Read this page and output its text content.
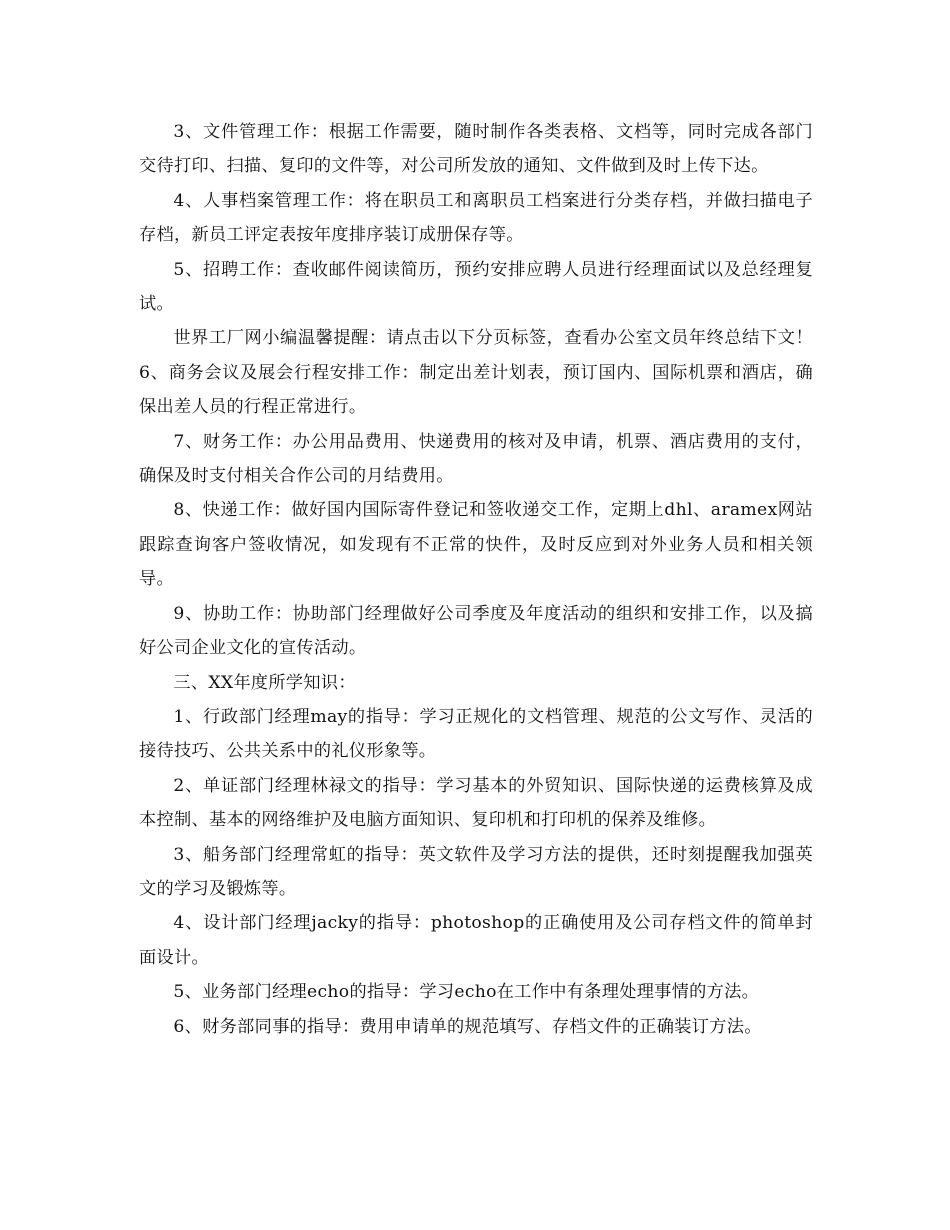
3、文件管理工作：根据工作需要，随时制作各类表格、文档等，同时完成各部门交待打印、扫描、复印的文件等，对公司所发放的通知、文件做到及时上传下达。

4、人事档案管理工作：将在职员工和离职员工档案进行分类存档，并做扫描电子存档，新员工评定表按年度排序装订成册保存等。

5、招聘工作：查收邮件阅读简历，预约安排应聘人员进行经理面试以及总经理复试。

世界工厂网小编温馨提醒：请点击以下分页标签，查看办公室文员年终总结下文！　6、商务会议及展会行程安排工作：制定出差计划表，预订国内、国际机票和酒店，确保出差人员的行程正常进行。

7、财务工作：办公用品费用、快递费用的核对及申请，机票、酒店费用的支付，确保及时支付相关合作公司的月结费用。

8、快递工作：做好国内国际寄件登记和签收递交工作，定期上dhl、aramex网站跟踪查询客户签收情况，如发现有不正常的快件，及时反应到对外业务人员和相关领导。

9、协助工作：协助部门经理做好公司季度及年度活动的组织和安排工作，以及搞好公司企业文化的宣传活动。

三、XX年度所学知识：

1、行政部门经理may的指导：学习正规化的文档管理、规范的公文写作、灵活的接待技巧、公共关系中的礼仪形象等。

2、单证部门经理林禄文的指导：学习基本的外贸知识、国际快递的运费核算及成本控制、基本的网络维护及电脑方面知识、复印机和打印机的保养及维修。

3、船务部门经理常虹的指导：英文软件及学习方法的提供，还时刻提醒我加强英文的学习及锻炼等。

4、设计部门经理jacky的指导：photoshop的正确使用及公司存档文件的简单封面设计。

5、业务部门经理echo的指导：学习echo在工作中有条理处理事情的方法。

6、财务部同事的指导：费用申请单的规范填写、存档文件的正确装订方法。
